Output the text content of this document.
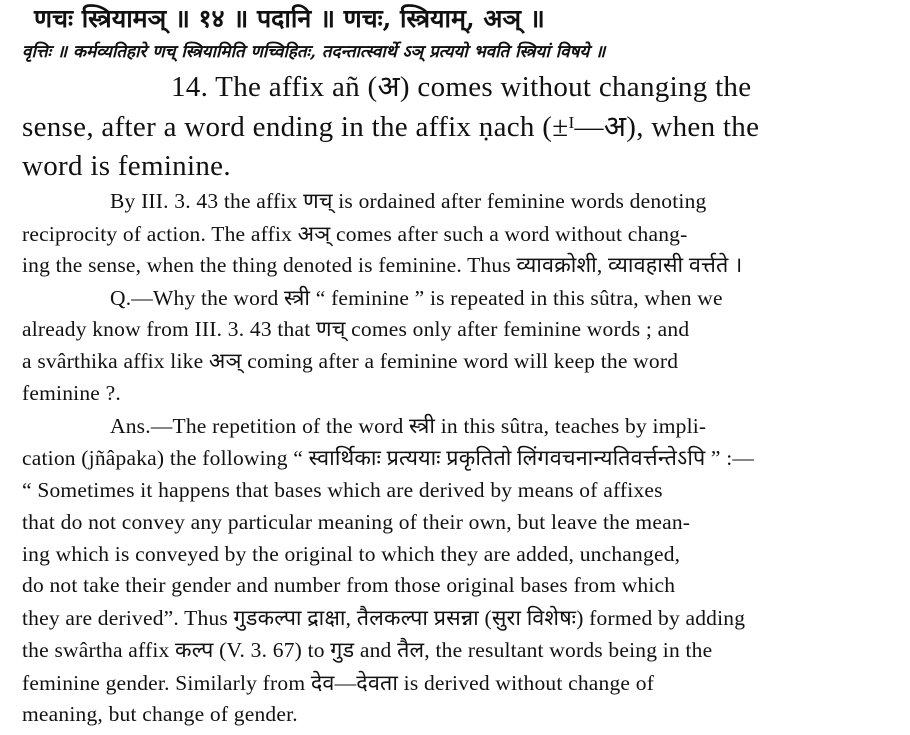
णचः स्त्रियामञ् ॥ १४ ॥ पदानि ॥ णचः, स्त्रियाम्, अञ् ॥
वृत्तिः ॥ कर्मव्यतिहारे णच् स्त्रियामिति णच्विहितः, तदन्तात्स्वार्थे ऽञ् प्रत्ययो भवति स्त्रियां विषये ॥
14. The affix añ (अ) comes without changing the
sense, after a word ending in the affix ṇach (±ᴵ—अ), when the
word is feminine.
By III. 3. 43 the affix णच् is ordained after feminine words denoting
reciprocity of action. The affix अञ् comes after such a word without chang-
ing the sense, when the thing denoted is feminine. Thus व्यावक्रोशी, व्यावहासी वर्त्तते ।
Q.—Why the word स्त्री “ feminine ” is repeated in this sûtra, when we
already know from III. 3. 43 that णच् comes only after feminine words ; and
a svârthika affix like अञ् coming after a feminine word will keep the word
feminine ?.
Ans.—The repetition of the word स्त्री in this sûtra, teaches by impli-
cation (jñâpaka) the following “ स्वार्थिकाः प्रत्ययाः प्रकृतितो लिंगवचनान्यतिवर्त्तन्तेऽपि ” :—
“ Sometimes it happens that bases which are derived by means of affixes
that do not convey any particular meaning of their own, but leave the mean-
ing which is conveyed by the original to which they are added, unchanged,
do not take their gender and number from those original bases from which
they are derived”. Thus गुडकल्पा द्राक्षा, तैलकल्पा प्रसन्ना (सुरा विशेषः) formed by adding
the swârtha affix कल्प (V. 3. 67) to गुड and तैल, the resultant words being in the
feminine gender. Similarly from देव—देवता is derived without change of
meaning, but change of gender.
